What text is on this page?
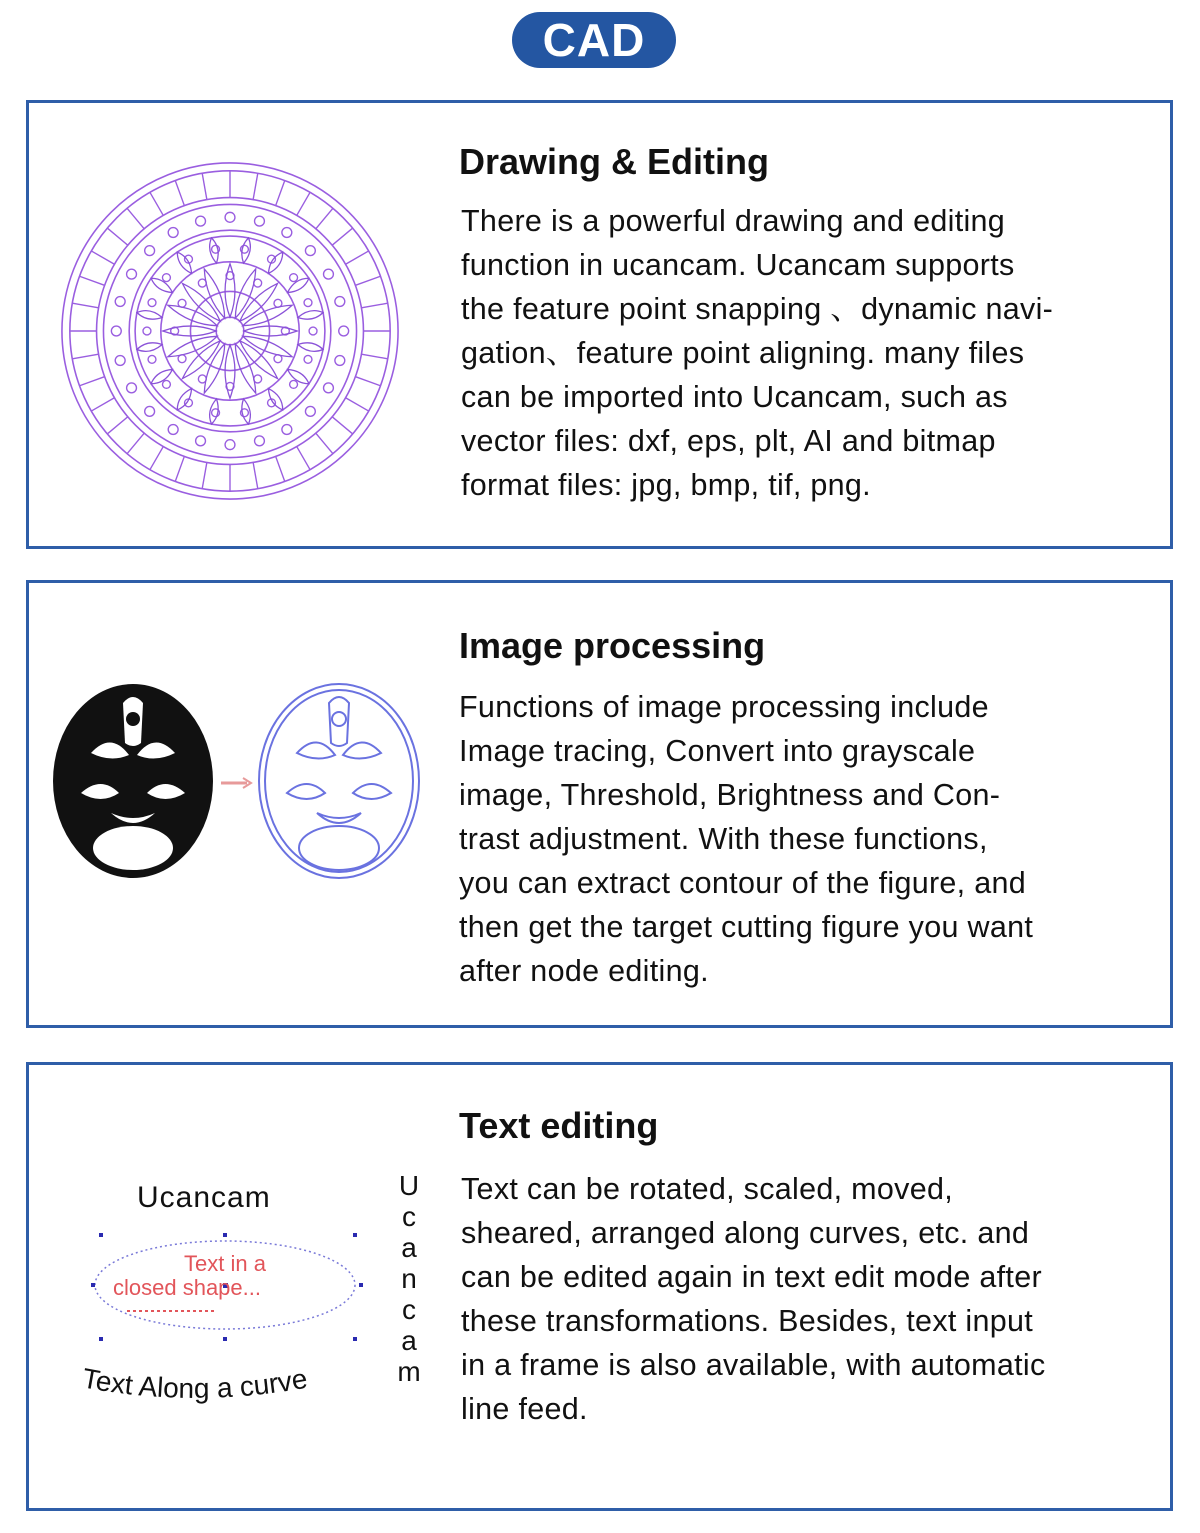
CAD
Drawing & Editing
There is a powerful drawing and editing
function in ucancam. Ucancam supports
the feature point snapping 、dynamic navi-
gation、feature point aligning. many files
can be imported into Ucancam, such as
vector files: dxf, eps, plt, AI and bitmap
format files: jpg, bmp, tif, png.
Image processing
Functions of image processing include
Image tracing, Convert into grayscale
image, Threshold, Brightness and Con-
trast adjustment. With these functions,
you can extract contour of the figure, and
then get the target cutting figure you want
after node editing.
Ucancam
Text in a
closed shape...
Text Along a curve
U
c
a
n
c
a
m
Text editing
Text can be rotated, scaled, moved,
sheared, arranged along curves, etc. and
can be edited again in text edit mode after
these transformations. Besides, text input
in a frame is also available, with automatic
line feed.
